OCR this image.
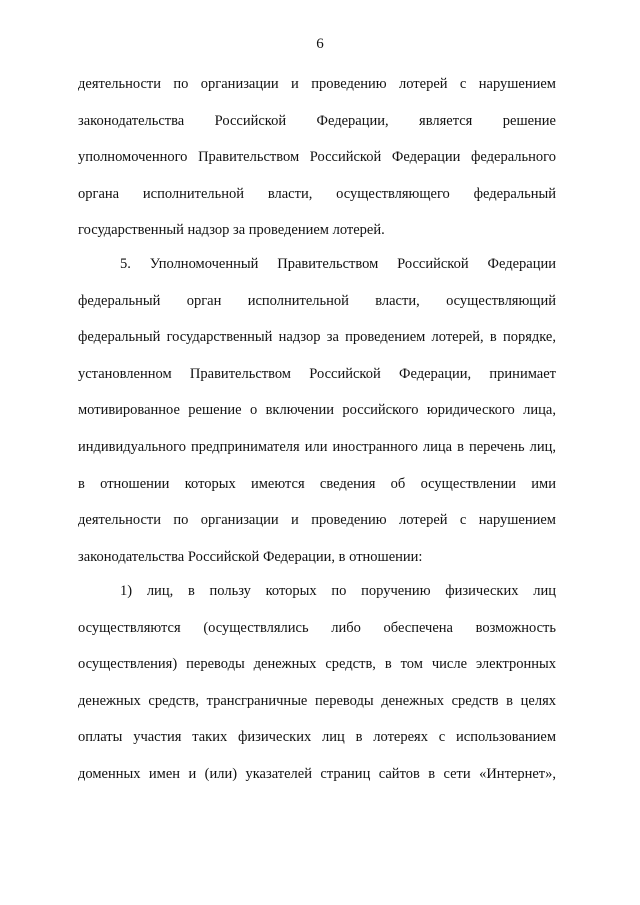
6
деятельности по организации и проведению лотерей с нарушением
законодательства Российской Федерации, является решение
уполномоченного Правительством Российской Федерации федерального
органа исполнительной власти, осуществляющего федеральный
государственный надзор за проведением лотерей.
5. Уполномоченный Правительством Российской Федерации
федеральный орган исполнительной власти, осуществляющий
федеральный государственный надзор за проведением лотерей, в порядке,
установленном Правительством Российской Федерации, принимает
мотивированное решение о включении российского юридического лица,
индивидуального предпринимателя или иностранного лица в перечень лиц,
в отношении которых имеются сведения об осуществлении ими
деятельности по организации и проведению лотерей с нарушением
законодательства Российской Федерации, в отношении:
1) лиц, в пользу которых по поручению физических лиц
осуществляются (осуществлялись либо обеспечена возможность
осуществления) переводы денежных средств, в том числе электронных
денежных средств, трансграничные переводы денежных средств в целях
оплаты участия таких физических лиц в лотереях с использованием
доменных имен и (или) указателей страниц сайтов в сети «Интернет»,
